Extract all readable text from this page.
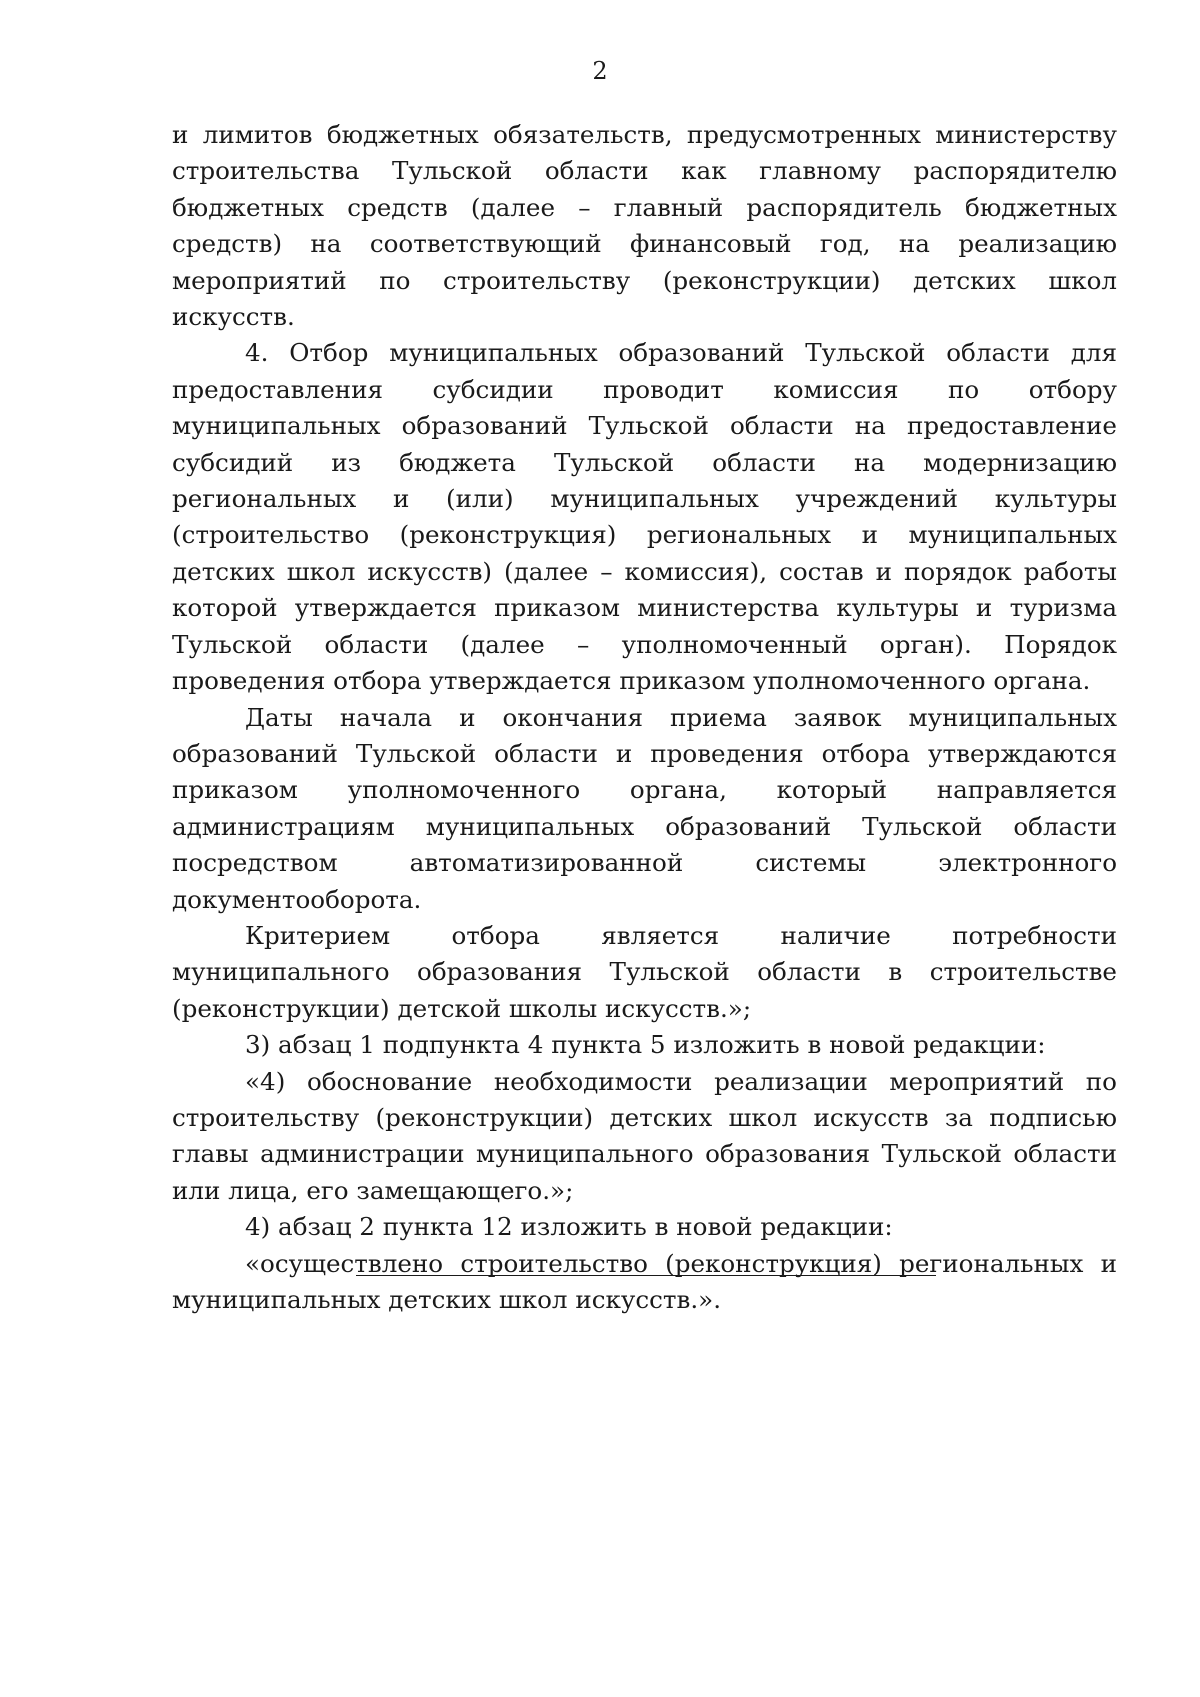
2

и лимитов бюджетных обязательств, предусмотренных министерству строительства Тульской области как главному распорядителю бюджетных средств (далее – главный распорядитель бюджетных средств) на соответствующий финансовый год, на реализацию мероприятий по строительству (реконструкции) детских школ искусств.

4. Отбор муниципальных образований Тульской области для предоставления субсидии проводит комиссия по отбору муниципальных образований Тульской области на предоставление субсидий из бюджета Тульской области на модернизацию региональных и (или) муниципальных учреждений культуры (строительство (реконструкция) региональных и муниципальных детских школ искусств) (далее – комиссия), состав и порядок работы которой утверждается приказом министерства культуры и туризма Тульской области (далее – уполномоченный орган). Порядок проведения отбора утверждается приказом уполномоченного органа.

Даты начала и окончания приема заявок муниципальных образований Тульской области и проведения отбора утверждаются приказом уполномоченного органа, который направляется администрациям муниципальных образований Тульской области посредством автоматизированной системы электронного документооборота.

Критерием отбора является наличие потребности муниципального образования Тульской области в строительстве (реконструкции) детской школы искусств.»;

3) абзац 1 подпункта 4 пункта 5 изложить в новой редакции:

«4) обоснование необходимости реализации мероприятий по строительству (реконструкции) детских школ искусств за подписью главы администрации муниципального образования Тульской области или лица, его замещающего.»;

4) абзац 2 пункта 12 изложить в новой редакции:

«осуществлено строительство (реконструкция) региональных и муниципальных детских школ искусств.».
